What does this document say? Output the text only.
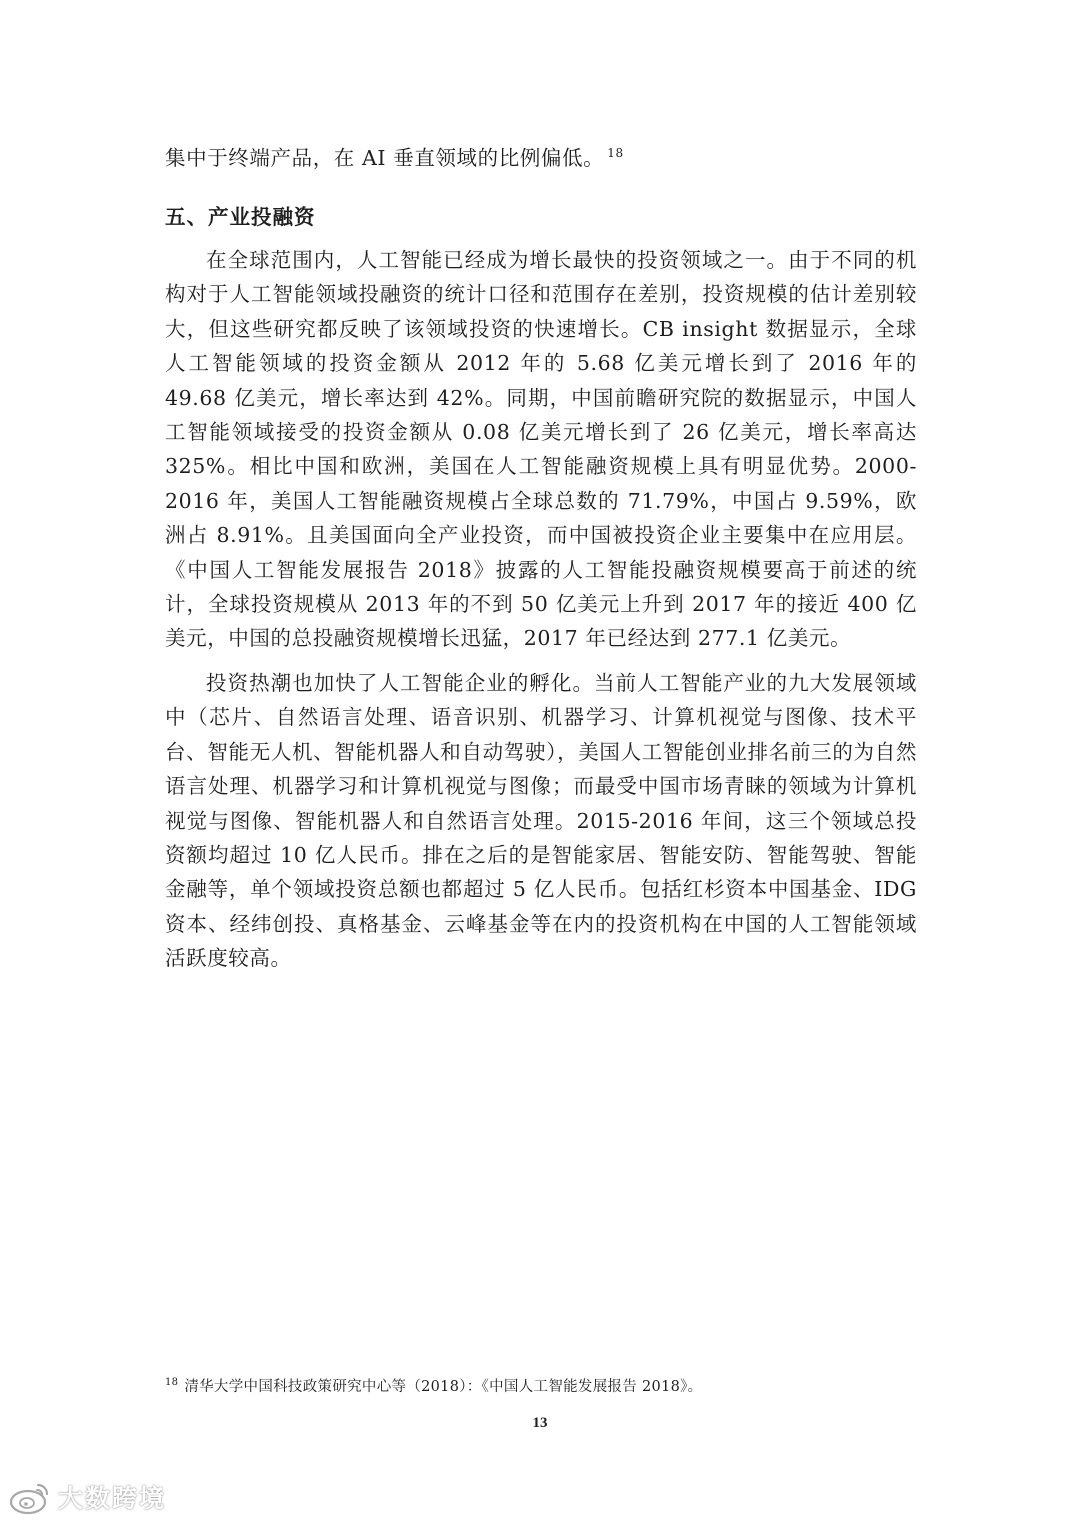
集中于终端产品，在 AI 垂直领域的比例偏低。 $^{18}$

五、产业投融资

在全球范围内，人工智能已经成为增长最快的投资领域之一。由于不同的机构对于人工智能领域投融资的统计口径和范围存在差别，投资规模的估计差别较大，但这些研究都反映了该领域投资的快速增长。CB insight 数据显示，全球人工智能领域的投资金额从 2012 年的 5.68 亿美元增长到了 2016 年的 49.68 亿美元，增长率达到 42%。同期，中国前瞻研究院的数据显示，中国人工智能领域接受的投资金额从 0.08 亿美元增长到了 26 亿美元，增长率高达 325%。相比中国和欧洲，美国在人工智能融资规模上具有明显优势。2000-2016 年，美国人工智能融资规模占全球总数的 71.79%，中国占 9.59%，欧洲占 8.91%。且美国面向全产业投资，而中国被投资企业主要集中在应用层。《中国人工智能发展报告 2018》披露的人工智能投融资规模要高于前述的统计，全球投资规模从 2013 年的不到 50 亿美元上升到 2017 年的接近 400 亿美元，中国的总投融资规模增长迅猛，2017 年已经达到 277.1 亿美元。

投资热潮也加快了人工智能企业的孵化。当前人工智能产业的九大发展领域中（芯片、自然语言处理、语音识别、机器学习、计算机视觉与图像、技术平台、智能无人机、智能机器人和自动驾驶），美国人工智能创业排名前三的为自然语言处理、机器学习和计算机视觉与图像；而最受中国市场青睐的领域为计算机视觉与图像、智能机器人和自然语言处理。2015-2016 年间，这三个领域总投资额均超过 10 亿人民币。排在之后的是智能家居、智能安防、智能驾驶、智能金融等，单个领域投资总额也都超过 5 亿人民币。包括红杉资本中国基金、IDG 资本、经纬创投、真格基金、云峰基金等在内的投资机构在中国的人工智能领域活跃度较高。

$^{18}$ 清华大学中国科技政策研究中心等（2018）：《中国人工智能发展报告 2018》。

13
大数跨境
